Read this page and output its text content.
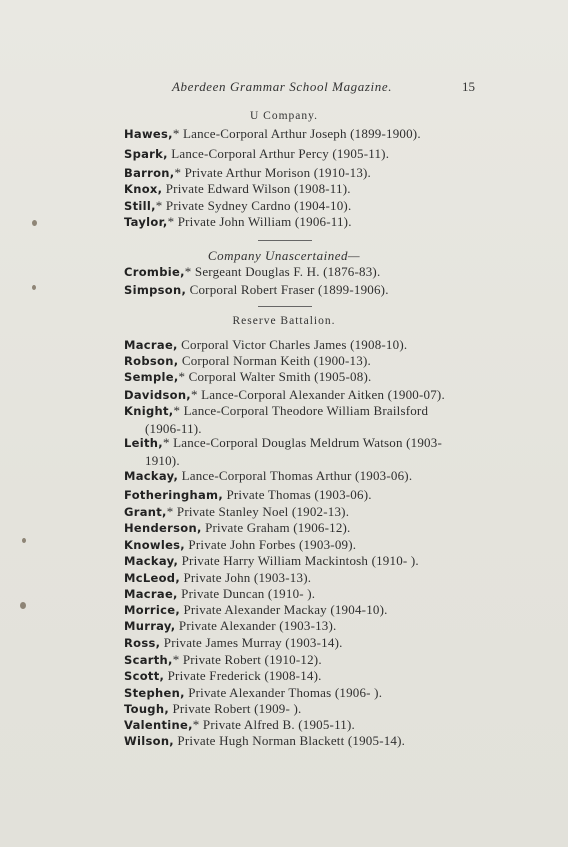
Aberdeen Grammar School Magazine.	15
U Company.
Hawes,* Lance-Corporal Arthur Joseph (1899-1900).
Spark, Lance-Corporal Arthur Percy (1905-11).
Barron,* Private Arthur Morison (1910-13).
Knox, Private Edward Wilson (1908-11).
Still,* Private Sydney Cardno (1904-10).
Taylor,* Private John William (1906-11).
Company Unascertained—
Crombie,* Sergeant Douglas F. H. (1876-83).
Simpson, Corporal Robert Fraser (1899-1906).
Reserve Battalion.
Macrae, Corporal Victor Charles James (1908-10).
Robson, Corporal Norman Keith (1900-13).
Semple,* Corporal Walter Smith (1905-08).
Davidson,* Lance-Corporal Alexander Aitken (1900-07).
Knight,* Lance-Corporal Theodore William Brailsford
(1906-11).
Leith,* Lance-Corporal Douglas Meldrum Watson (1903-
1910).
Mackay, Lance-Corporal Thomas Arthur (1903-06).
Fotheringham, Private Thomas (1903-06).
Grant,* Private Stanley Noel (1902-13).
Henderson, Private Graham (1906-12).
Knowles, Private John Forbes (1903-09).
Mackay, Private Harry William Mackintosh (1910- ).
McLeod, Private John (1903-13).
Macrae, Private Duncan (1910- ).
Morrice, Private Alexander Mackay (1904-10).
Murray, Private Alexander (1903-13).
Ross, Private James Murray (1903-14).
Scarth,* Private Robert (1910-12).
Scott, Private Frederick (1908-14).
Stephen, Private Alexander Thomas (1906- ).
Tough, Private Robert (1909- ).
Valentine,* Private Alfred B. (1905-11).
Wilson, Private Hugh Norman Blackett (1905-14).
